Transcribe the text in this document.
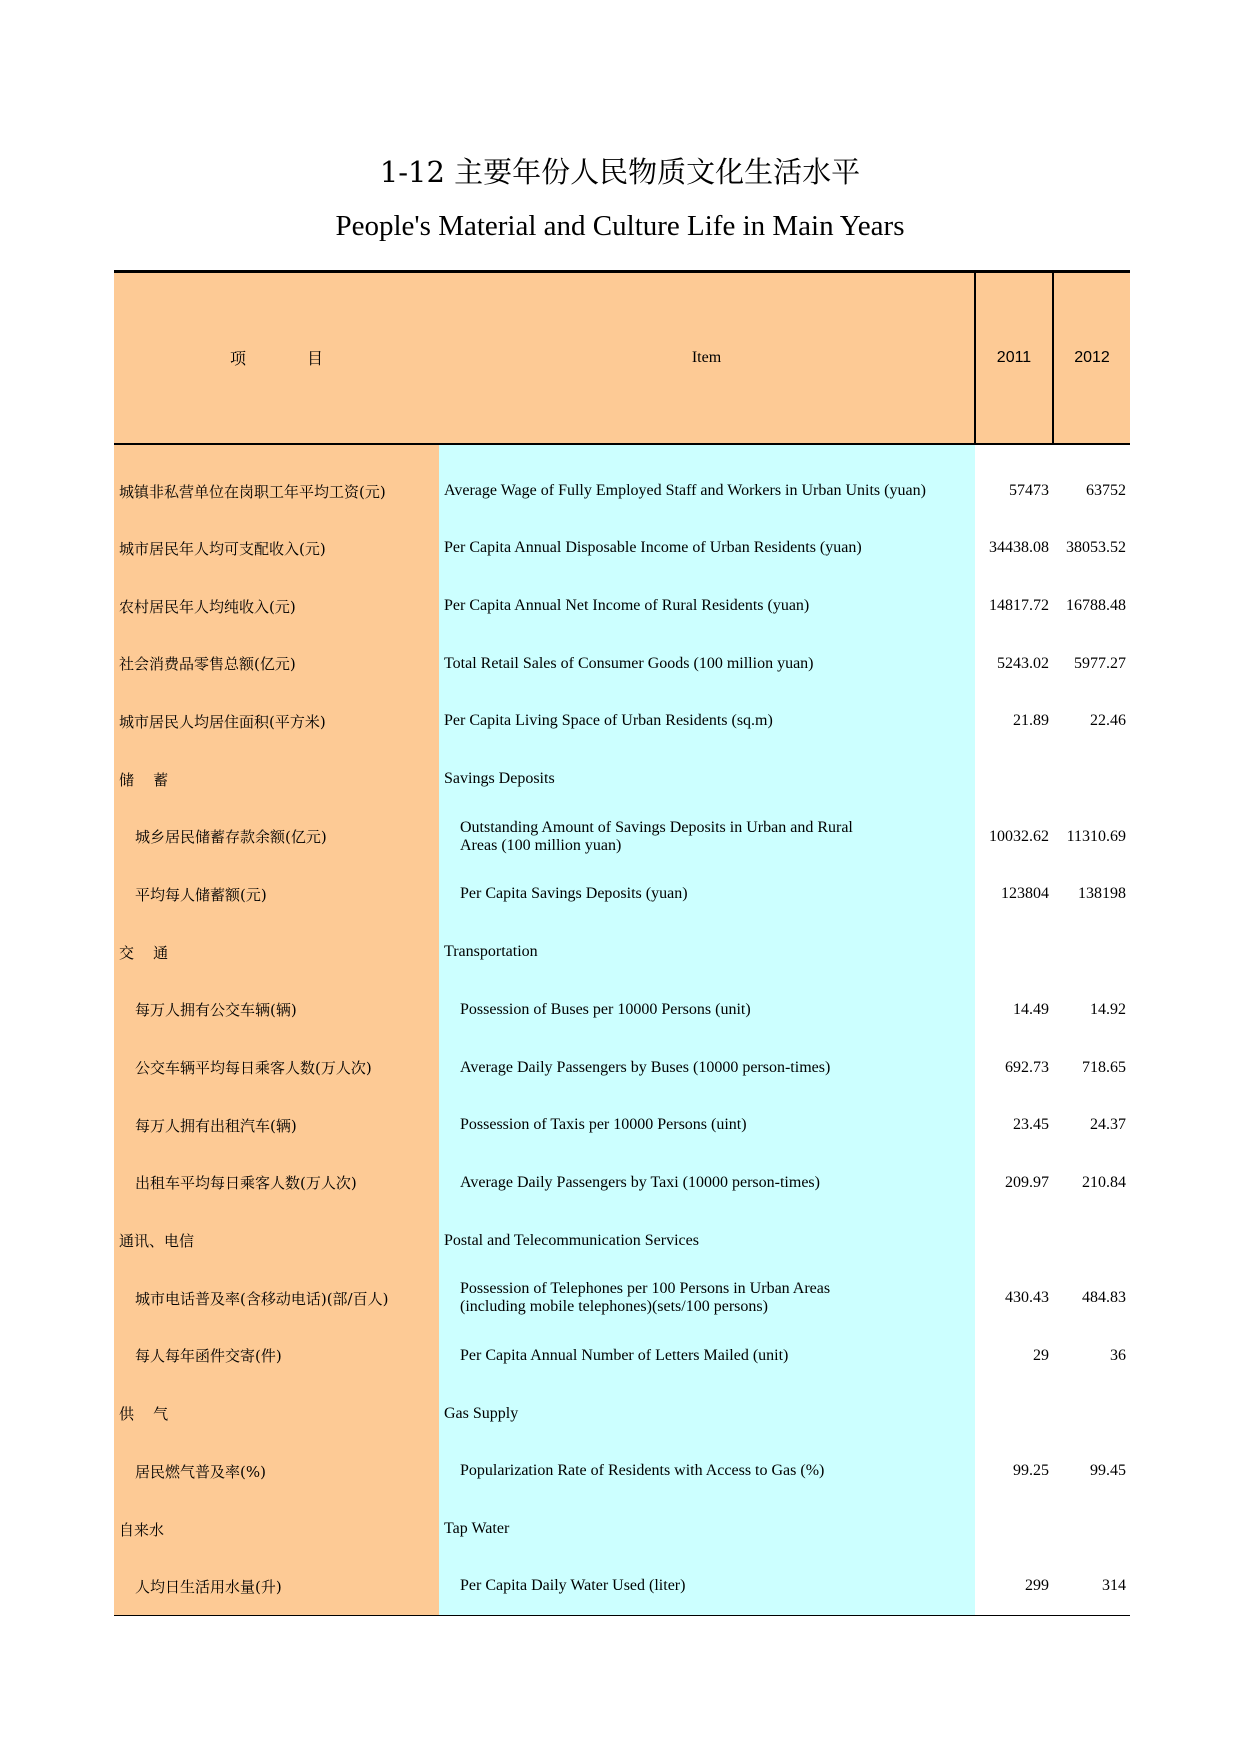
1-12 主要年份人民物质文化生活水平
People's Material and Culture Life in Main Years
项            目	Item	2011	2012
城镇非私营单位在岗职工年平均工资(元)	Average Wage of Fully Employed Staff and Workers in Urban Units (yuan)	57473	63752
城市居民年人均可支配收入(元)	Per Capita Annual Disposable Income of Urban Residents (yuan)	34438.08	38053.52
农村居民年人均纯收入(元)	Per Capita Annual Net Income of Rural Residents (yuan)	14817.72	16788.48
社会消费品零售总额(亿元)	Total Retail Sales of Consumer Goods (100 million yuan)	5243.02	5977.27
城市居民人均居住面积(平方米)	Per Capita Living Space of Urban Residents (sq.m)	21.89	22.46
储    蓄	Savings Deposits		

城乡居民储蓄存款余额(亿元)	Outstanding Amount of Savings Deposits in Urban and Rural
Areas (100 million yuan)	10032.62	11310.69
平均每人储蓄额(元)	Per Capita Savings Deposits (yuan)	123804	138198
交    通	Transportation		

每万人拥有公交车辆(辆)	Possession of Buses per 10000 Persons (unit)	14.49	14.92
公交车辆平均每日乘客人数(万人次)	Average Daily Passengers by Buses (10000 person-times)	692.73	718.65
每万人拥有出租汽车(辆)	Possession of Taxis per 10000 Persons (uint)	23.45	24.37
出租车平均每日乘客人数(万人次)	Average Daily Passengers by Taxi (10000 person-times)	209.97	210.84
通讯、电信	Postal and Telecommunication Services		

城市电话普及率(含移动电话)(部/百人)	Possession of Telephones per 100 Persons in Urban Areas
(including mobile telephones)(sets/100 persons)	430.43	484.83
每人每年函件交寄(件)	Per Capita Annual Number of Letters Mailed (unit)	29	36
供    气	Gas Supply		

居民燃气普及率(%)	Popularization Rate of Residents with Access to Gas (%)	99.25	99.45
自来水	Tap Water		

人均日生活用水量(升)	Per Capita Daily Water Used (liter)	299	314
